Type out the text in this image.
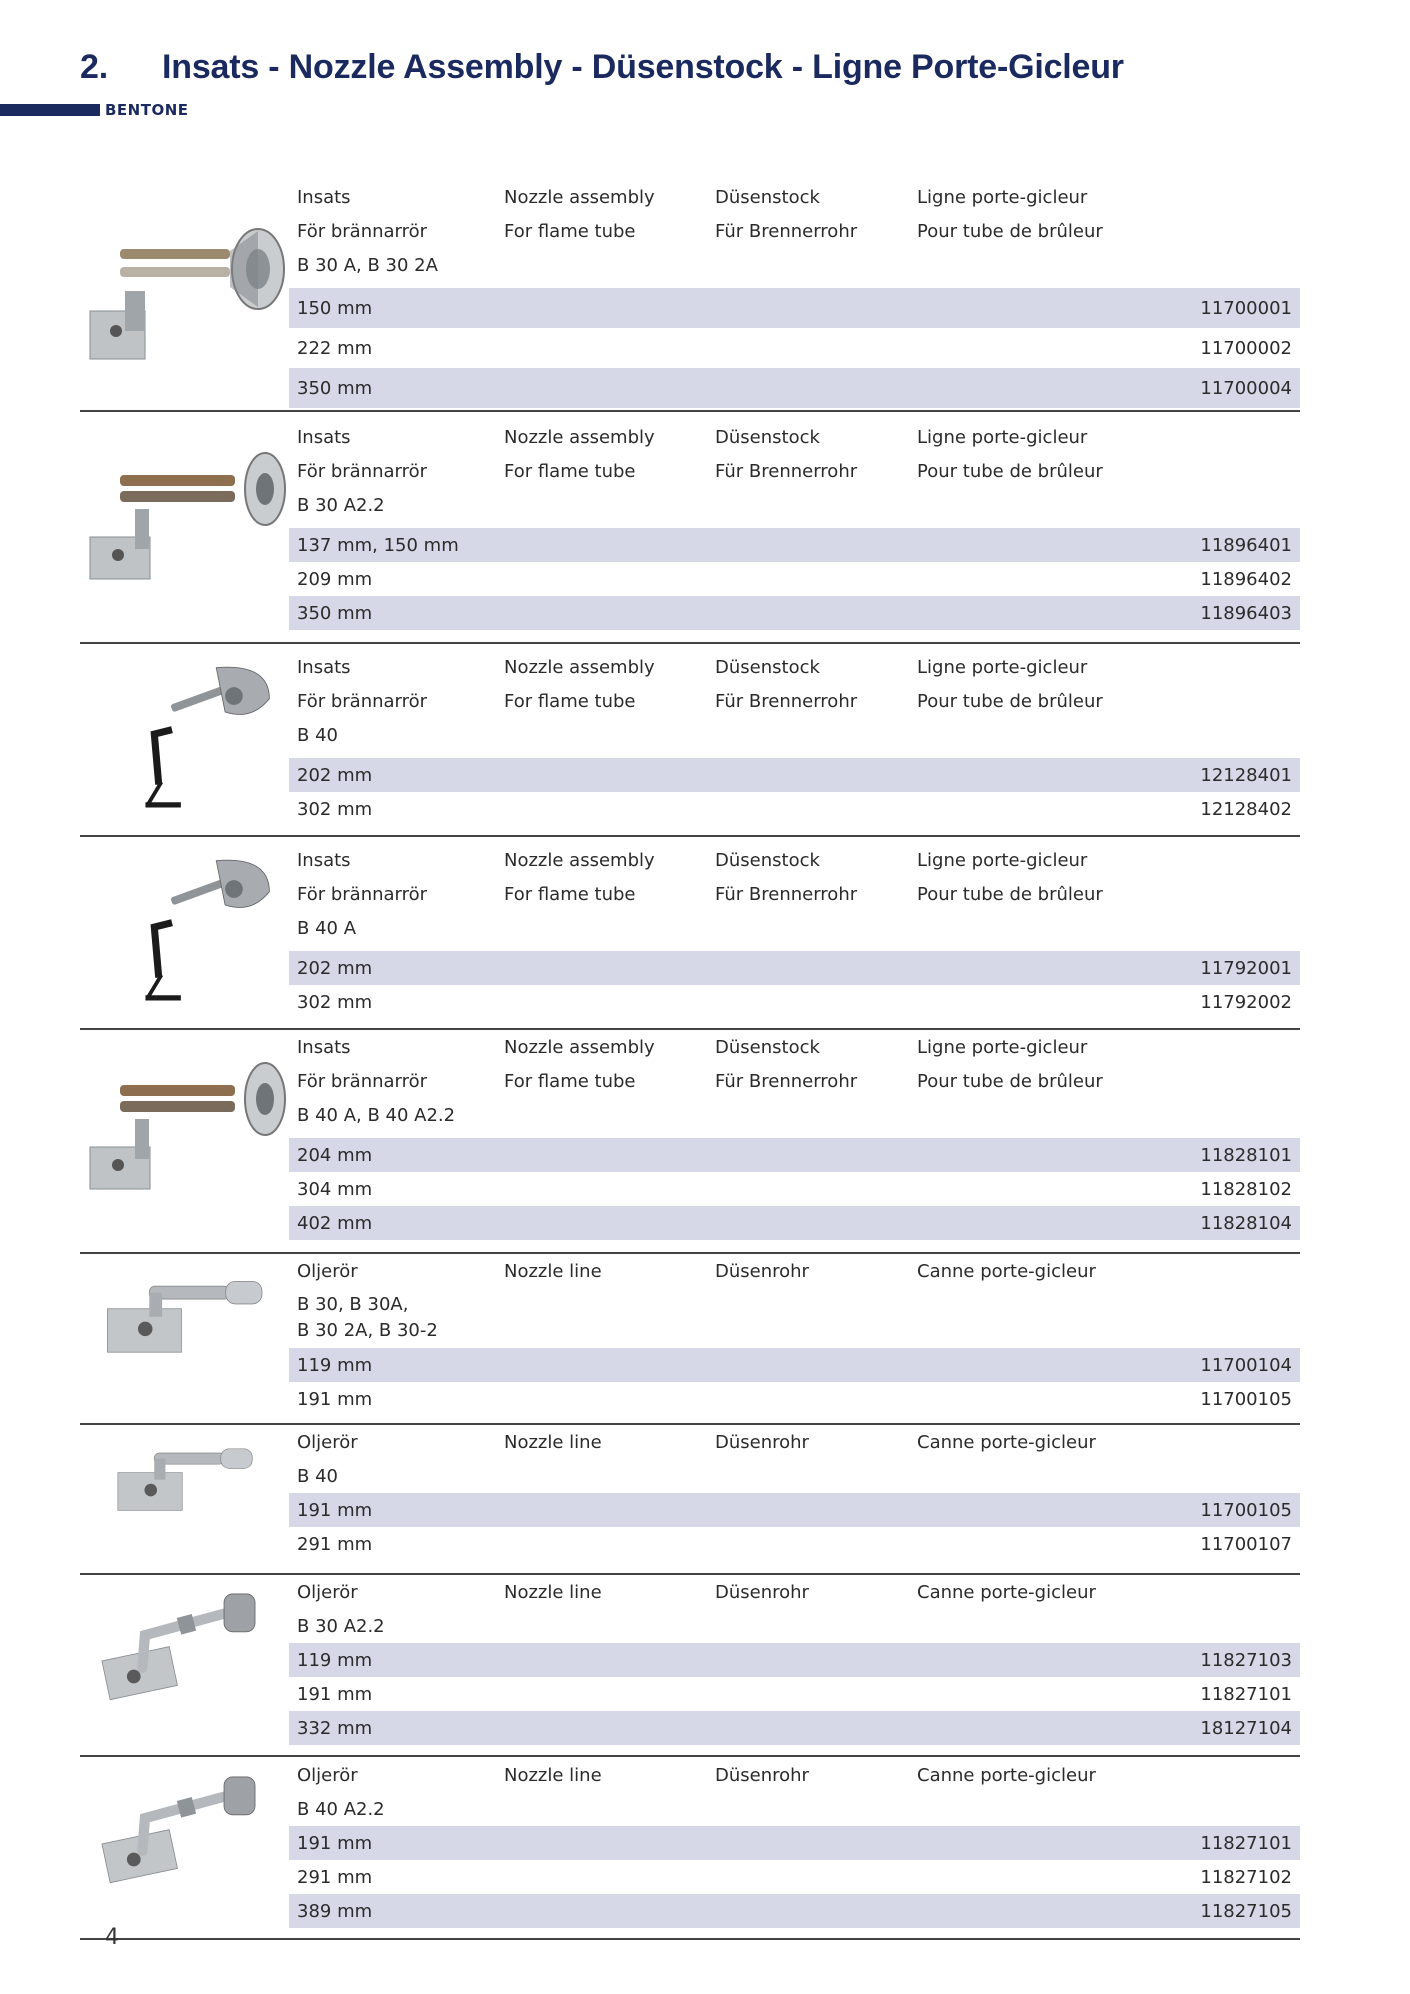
2. Insats - Nozzle Assembly - Düsenstock - Ligne Porte-Gicleur
BENTONE
Insats	Nozzle assembly	Düsenstock	Ligne porte-gicleur
För brännarrör	For flame tube	Für Brennerrohr	Pour tube de brûleur
B 30 A, B 30 2A
150 mm	11700001
222 mm	11700002
350 mm	11700004
Insats	Nozzle assembly	Düsenstock	Ligne porte-gicleur
För brännarrör	For flame tube	Für Brennerrohr	Pour tube de brûleur
B 30 A2.2
137 mm, 150 mm	11896401
209 mm	11896402
350 mm	11896403
Insats	Nozzle assembly	Düsenstock	Ligne porte-gicleur
För brännarrör	For flame tube	Für Brennerrohr	Pour tube de brûleur
B 40
202 mm	12128401
302 mm	12128402
Insats	Nozzle assembly	Düsenstock	Ligne porte-gicleur
För brännarrör	For flame tube	Für Brennerrohr	Pour tube de brûleur
B 40 A
202 mm	11792001
302 mm	11792002
Insats	Nozzle assembly	Düsenstock	Ligne porte-gicleur
För brännarrör	For flame tube	Für Brennerrohr	Pour tube de brûleur
B 40 A, B 40 A2.2
204 mm	11828101
304 mm	11828102
402 mm	11828104
Oljerör	Nozzle line	Düsenrohr	Canne porte-gicleur
B 30, B 30A,
B 30 2A, B 30-2
119 mm	11700104
191 mm	11700105
Oljerör	Nozzle line	Düsenrohr	Canne porte-gicleur
B 40
191 mm	11700105
291 mm	11700107
Oljerör	Nozzle line	Düsenrohr	Canne porte-gicleur
B 30 A2.2
119 mm	11827103
191 mm	11827101
332 mm	18127104
Oljerör	Nozzle line	Düsenrohr	Canne porte-gicleur
B 40 A2.2
191 mm	11827101
291 mm	11827102
389 mm	11827105
4
